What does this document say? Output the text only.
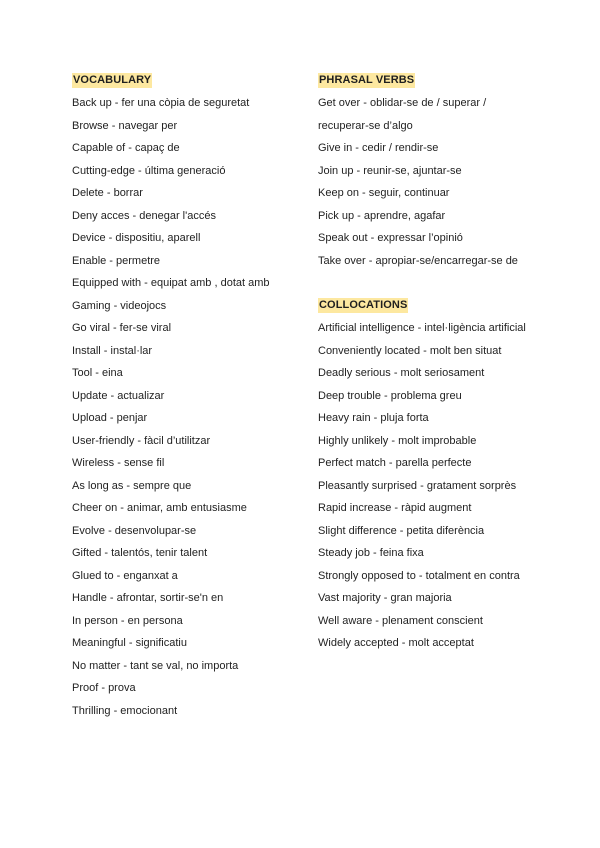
VOCABULARY
Back up - fer una còpia de seguretat
Browse - navegar per
Capable of - capaç de
Cutting-edge - última generació
Delete - borrar
Deny acces - denegar l'accés
Device - dispositiu, aparell
Enable - permetre
Equipped with - equipat amb , dotat amb
Gaming - videojocs
Go viral - fer-se viral
Install - instal·lar
Tool - eina
Update - actualizar
Upload - penjar
User-friendly - fàcil d’utilitzar
Wireless - sense fil
As long as - sempre que
Cheer on - animar, amb entusiasme
Evolve - desenvolupar-se
Gifted - talentós, tenir talent
Glued to - enganxat a
Handle - afrontar, sortir-se'n en
In person - en persona
Meaningful - significatiu
No matter - tant se val, no importa
Proof - prova
Thrilling - emocionant
PHRASAL VERBS
Get over - oblidar-se de / superar / recuperar-se d’algo
Give in - cedir / rendir-se
Join up - reunir-se, ajuntar-se
Keep on - seguir, continuar
Pick up - aprendre, agafar
Speak out - expressar l’opinió
Take over - apropiar-se/encarregar-se de
COLLOCATIONS
Artificial intelligence - intel·ligència artificial
Conveniently located - molt ben situat
Deadly serious - molt seriosament
Deep trouble - problema greu
Heavy rain - pluja forta
Highly unlikely - molt improbable
Perfect match - parella perfecte
Pleasantly surprised - gratament sorprès
Rapid increase - ràpid augment
Slight difference - petita diferència
Steady job - feina fixa
Strongly opposed to - totalment en contra
Vast majority - gran majoria
Well aware - plenament conscient
Widely accepted - molt acceptat
